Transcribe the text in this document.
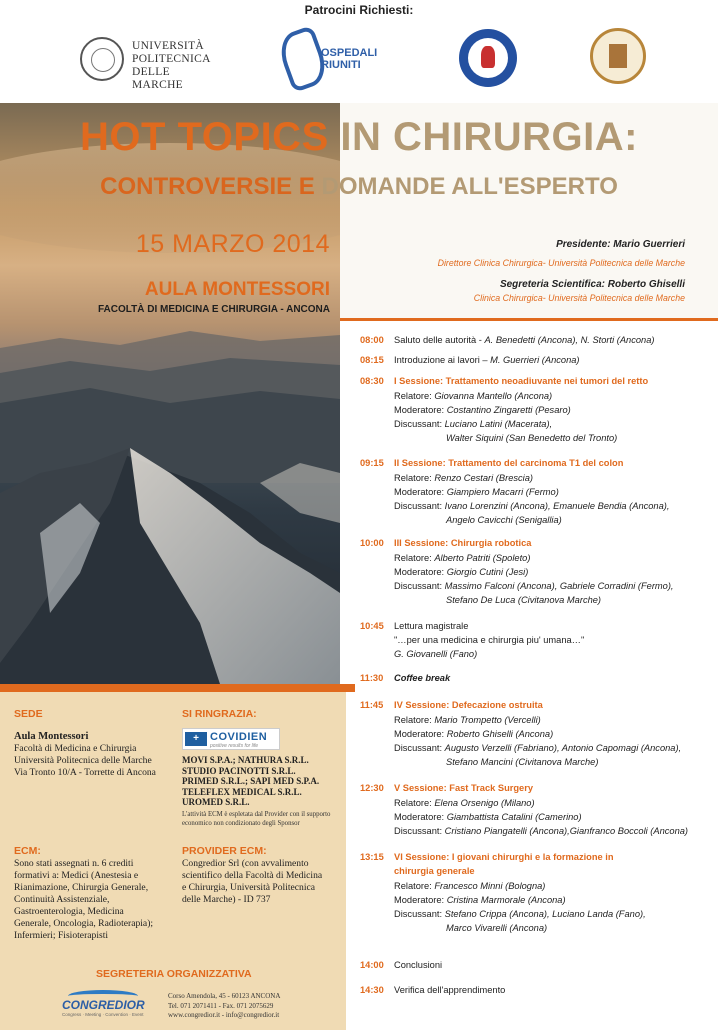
Patrocini Richiesti:
UNIVERSITÀ
POLITECNICA
DELLE MARCHE
OSPEDALI
RIUNITI
HOT TOPICS IN CHIRURGIA:
CONTROVERSIE E DOMANDE ALL'ESPERTO
15 MARZO 2014
AULA MONTESSORI
FACOLTÀ DI MEDICINA E CHIRURGIA - ANCONA
Presidente: Mario Guerrieri
Direttore Clinica Chirurgica- Università Politecnica delle Marche
Segreteria Scientifica: Roberto Ghiselli
Clinica Chirurgica- Università Politecnica delle Marche
08:00	Saluto delle autorità - A. Benedetti (Ancona), N. Storti (Ancona)
08:15	Introduzione ai lavori – M. Guerrieri (Ancona)
08:30	I Sessione: Trattamento neoadiuvante nei tumori del retto
Relatore: Giovanna Mantello (Ancona)
Moderatore: Costantino Zingaretti (Pesaro)
Discussant: Luciano Latini (Macerata),
Walter Siquini (San Benedetto del Tronto)
09:15	II Sessione: Trattamento del carcinoma T1 del colon
Relatore: Renzo Cestari (Brescia)
Moderatore: Giampiero Macarri (Fermo)
Discussant: Ivano Lorenzini (Ancona), Emanuele Bendia (Ancona),
Angelo Cavicchi (Senigallia)
10:00	III Sessione: Chirurgia robotica
Relatore: Alberto Patriti (Spoleto)
Moderatore: Giorgio Cutini (Jesi)
Discussant: Massimo Falconi (Ancona), Gabriele Corradini (Fermo),
Stefano De Luca (Civitanova Marche)
10:45	Lettura magistrale
"…per una medicina e chirurgia piu' umana…"
G. Giovanelli (Fano)
11:30	Coffee break
11:45	IV Sessione: Defecazione ostruita
Relatore: Mario Trompetto (Vercelli)
Moderatore: Roberto Ghiselli (Ancona)
Discussant: Augusto Verzelli (Fabriano), Antonio Capomagi (Ancona),
Stefano Mancini (Civitanova Marche)
12:30	V Sessione: Fast Track Surgery
Relatore: Elena Orsenigo (Milano)
Moderatore: Giambattista Catalini (Camerino)
Discussant: Cristiano Piangatelli (Ancona),Gianfranco Boccoli (Ancona)
13:15	VI Sessione: I giovani chirurghi e la formazione in
chirurgia generale
Relatore: Francesco Minni (Bologna)
Moderatore: Cristina Marmorale (Ancona)
Discussant: Stefano Crippa (Ancona), Luciano Landa (Fano),
Marco Vivarelli (Ancona)
14:00	Conclusioni
14:30	Verifica dell'apprendimento
SEDE
Aula Montessori
Facoltà di Medicina e Chirurgia
Università Politecnica delle Marche
Via Tronto 10/A - Torrette di Ancona
SI RINGRAZIA:
+	COVIDIEN
positive results for life
MOVI S.P.A.; NATHURA S.R.L.
STUDIO PACINOTTI S.R.L.
PRIMED S.R.L.; SAPI MED S.P.A.
TELEFLEX MEDICAL S.R.L.
UROMED S.R.L.
L'attività ECM è espletata dal Provider con il supporto
economico non condizionato degli Sponsor
ECM:
Sono stati assegnati n. 6 crediti
formativi a: Medici (Anestesia e
Rianimazione, Chirurgia Generale,
Continuità Assistenziale,
Gastroenterologia, Medicina
Generale, Oncologia, Radioterapia);
Infermieri; Fisioterapisti
PROVIDER ECM:
Congredior Srl (con avvalimento
scientifico della Facoltà di Medicina
e Chirurgia, Università Politecnica
delle Marche) - ID 737
SEGRETERIA ORGANIZZATIVA
CONGREDIOR
Congress · Meeting · Convention · Event
Corso Amendola, 45 - 60123 ANCONA
Tel. 071 2071411 - Fax. 071 2075629
www.congredior.it - info@congredior.it
